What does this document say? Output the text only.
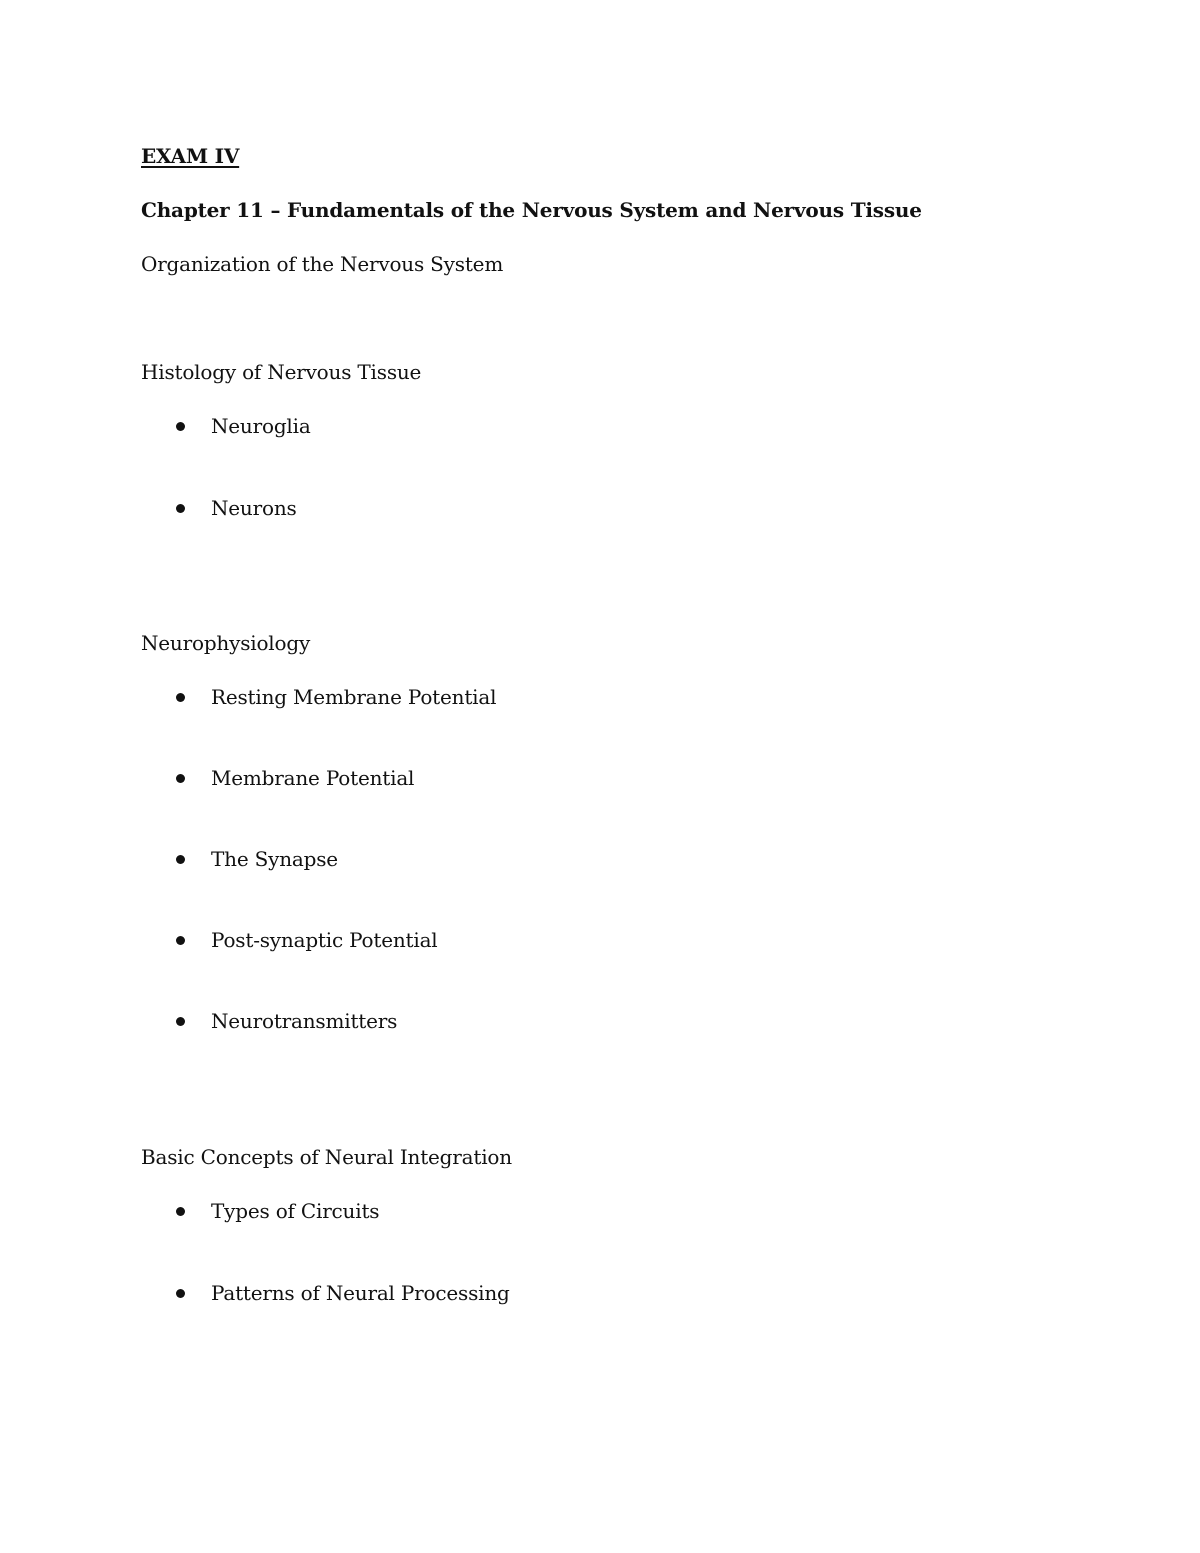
EXAM IV
Chapter 11 – Fundamentals of the Nervous System and Nervous Tissue
Organization of the Nervous System
Histology of Nervous Tissue
Neuroglia
Neurons
Neurophysiology
Resting Membrane Potential
Membrane Potential
The Synapse
Post-synaptic Potential
Neurotransmitters
Basic Concepts of Neural Integration
Types of Circuits
Patterns of Neural Processing
